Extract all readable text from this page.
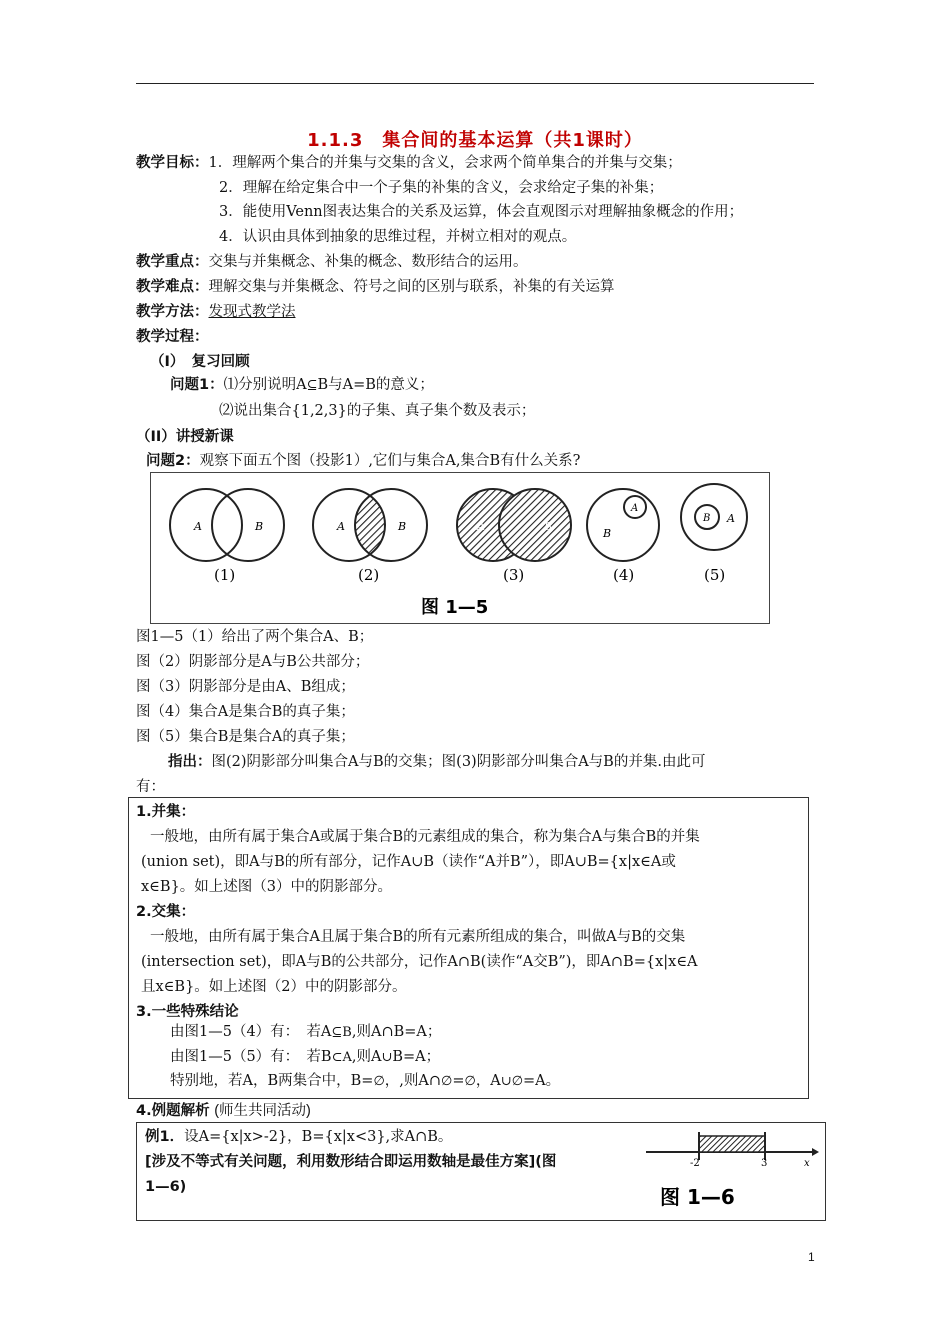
1.1.3　集合间的基本运算（共1课时）
教学目标：1．理解两个集合的并集与交集的含义，会求两个简单集合的并集与交集；
2．理解在给定集合中一个子集的补集的含义，会求给定子集的补集；
3．能使用Venn图表达集合的关系及运算，体会直观图示对理解抽象概念的作用；
4．认识由具体到抽象的思维过程，并树立相对的观点。
教学重点：交集与并集概念、补集的概念、数形结合的运用。
教学难点：理解交集与并集概念、符号之间的区别与联系，补集的有关运算
教学方法：发现式教学法
教学过程：
（I）　复习回顾
问题1：⑴分别说明A⊆B与A=B的意义；
⑵说出集合{1,2,3}的子集、真子集个数及表示；
（II）讲授新课
问题2：观察下面五个图（投影1）,它们与集合A,集合B有什么关系?
A	B	A	B	A	B
A
B
B A
(1)	(2)	(3)	(4)	(5)
图 1—5
图1—5（1）给出了两个集合A、B；
图（2）阴影部分是A与B公共部分；
图（3）阴影部分是由A、B组成；
图（4）集合A是集合B的真子集；
图（5）集合B是集合A的真子集；
指出：图(2)阴影部分叫集合A与B的交集；图(3)阴影部分叫集合A与B的并集.由此可
有：
1.并集：
一般地，由所有属于集合A或属于集合B的元素组成的集合，称为集合A与集合B的并集
(union set)，即A与B的所有部分，记作A∪B（读作“A并B”），即A∪B={x|x∈A或
x∈B}。如上述图（3）中的阴影部分。
2.交集：
一般地，由所有属于集合A且属于集合B的所有元素所组成的集合，叫做A与B的交集
(intersection set)，即A与B的公共部分，记作A∩B(读作“A交B”)，即A∩B={x|x∈A
且x∈B}。如上述图（2）中的阴影部分。
3.一些特殊结论
由图1—5（4）有：　若A⊆B,则A∩B=A；
由图1—5（5）有：　若B⊂A,则A∪B=A；
特别地，若A，B两集合中，B=∅，,则A∩∅=∅，A∪∅=A。
4.例题解析 (师生共同活动)
例1．设A={x|x>-2}，B={x|x<3},求A∩B。
[涉及不等式有关问题，利用数形结合即运用数轴是最佳方案](图
1—6)
-2	3	x
图 1—6
1
